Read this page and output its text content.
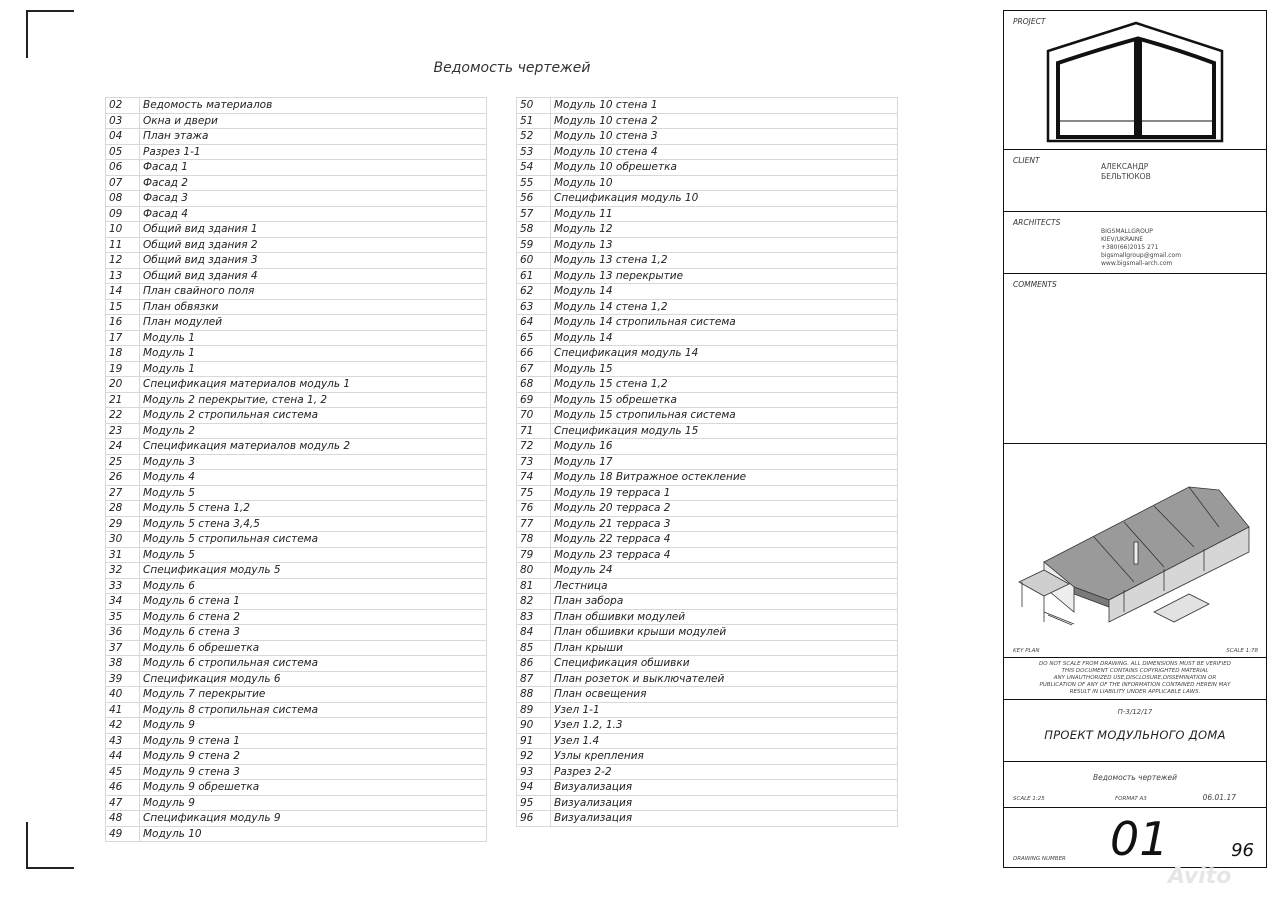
Ведомость чертежей
02	Ведомость материалов
03	Окна и двери
04	План этажа
05	Разрез 1-1
06	Фасад 1
07	Фасад 2
08	Фасад 3
09	Фасад 4
10	Общий вид здания 1
11	Общий вид здания 2
12	Общий вид здания 3
13	Общий вид здания 4
14	План свайного поля
15	План обвязки
16	План модулей
17	Модуль 1
18	Модуль 1
19	Модуль 1
20	Спецификация материалов модуль 1
21	Модуль 2 перекрытие, стена 1, 2
22	Модуль 2 стропильная система
23	Модуль 2
24	Спецификация материалов модуль 2
25	Модуль 3
26	Модуль 4
27	Модуль 5
28	Модуль 5 стена 1,2
29	Модуль 5 стена 3,4,5
30	Модуль 5 стропильная система
31	Модуль 5
32	Спецификация модуль 5
33	Модуль 6
34	Модуль 6 стена 1
35	Модуль 6 стена 2
36	Модуль 6 стена 3
37	Модуль 6 обрешетка
38	Модуль 6 стропильная система
39	Спецификация модуль 6
40	Модуль 7 перекрытие
41	Модуль 8 стропильная система
42	Модуль 9
43	Модуль 9 стена 1
44	Модуль 9 стена 2
45	Модуль 9 стена 3
46	Модуль 9 обрешетка
47	Модуль 9
48	Спецификация модуль 9
49	Модуль 10
50	Модуль 10 стена 1
51	Модуль 10 стена 2
52	Модуль 10 стена 3
53	Модуль 10 стена 4
54	Модуль 10 обрешетка
55	Модуль 10
56	Спецификация модуль 10
57	Модуль 11
58	Модуль 12
59	Модуль 13
60	Модуль 13 стена 1,2
61	Модуль 13 перекрытие
62	Модуль 14
63	Модуль 14 стена 1,2
64	Модуль 14 стропильная система
65	Модуль 14
66	Спецификация модуль 14
67	Модуль 15
68	Модуль 15 стена 1,2
69	Модуль 15 обрешетка
70	Модуль 15 стропильная система
71	Спецификация модуль 15
72	Модуль 16
73	Модуль 17
74	Модуль 18 Витражное остекление
75	Модуль 19 терраса 1
76	Модуль 20 терраса 2
77	Модуль 21 терраса 3
78	Модуль 22 терраса 4
79	Модуль 23 терраса 4
80	Модуль 24
81	Лестница
82	План забора
83	План обшивки модулей
84	План обшивки крыши модулей
85	План крыши
86	Спецификация обшивки
87	План розеток и выключателей
88	План освещения
89	Узел 1-1
90	Узел 1.2, 1.3
91	Узел 1.4
92	Узлы крепления
93	Разрез 2-2
94	Визуализация
95	Визуализация
96	Визуализация
PROJECT
CLIENT
АЛЕКСАНДР
БЕЛЬТЮКОВ
ARCHITECTS
BIGSMALLGROUP
KIEV/UKRAINE
+380(66)2015 271
bigsmallgroup@gmail.com
www.bigsmall-arch.com
COMMENTS
KEY PLAN	SCALE 1:78
DO NOT SCALE FROM DRAWING. ALL DIMENSIONS MUST BE VERIFIED
THIS DOCUMENT CONTAINS COPYRIGHTED MATERIAL
ANY UNAUTHORIZED USE,DISCLOSURE,DISSEMINATION OR
PUBLICATION OF ANY OF THE INFORMATION CONTAINED HEREIN MAY
RESULT IN LIABILITY UNDER APPLICABLE LAWS.
П-3/12/17
ПРОЕКТ МОДУЛЬНОГО ДОМА
Ведомость чертежей
SCALE 1:25	FORMAT A3	06.01.17
01
DRAWING NUMBER	96
Avito
